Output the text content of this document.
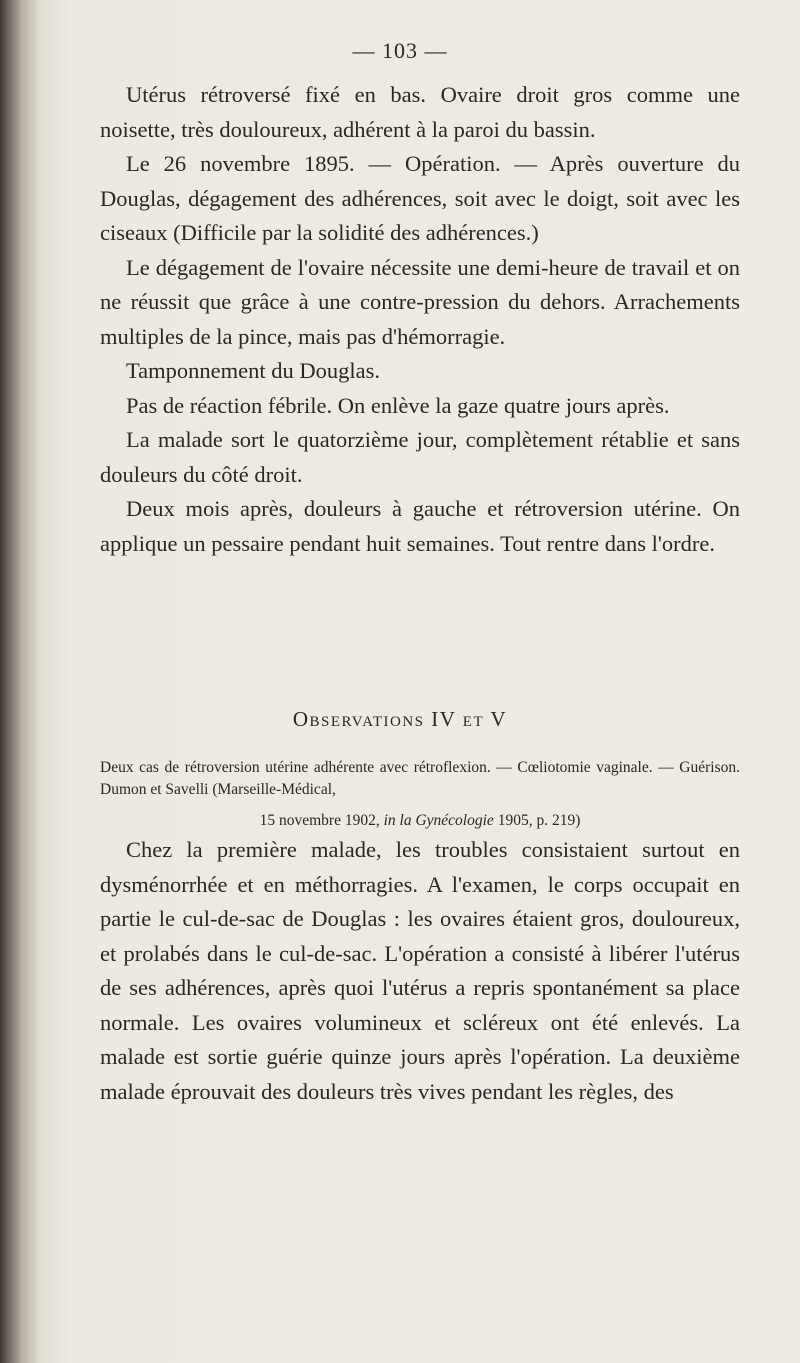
— 103 —

Utérus rétroversé fixé en bas. Ovaire droit gros comme une noisette, très douloureux, adhérent à la paroi du bassin.

Le 26 novembre 1895. — Opération. — Après ouverture du Douglas, dégagement des adhérences, soit avec le doigt, soit avec les ciseaux (Difficile par la solidité des adhérences.)

Le dégagement de l'ovaire nécessite une demi-heure de travail et on ne réussit que grâce à une contre-pression du dehors. Arrachements multiples de la pince, mais pas d'hémorragie.

Tamponnement du Douglas.

Pas de réaction fébrile. On enlève la gaze quatre jours après.

La malade sort le quatorzième jour, complètement rétablie et sans douleurs du côté droit.

Deux mois après, douleurs à gauche et rétroversion utérine. On applique un pessaire pendant huit semaines. Tout rentre dans l'ordre.

Observations IV et V

Deux cas de rétroversion utérine adhérente avec rétroflexion. — Cœliotomie vaginale. — Guérison. Dumon et Savelli (Marseille-Médical,

15 novembre 1902, in la Gynécologie 1905, p. 219)

Chez la première malade, les troubles consistaient surtout en dysménorrhée et en méthorragies. A l'examen, le corps occupait en partie le cul-de-sac de Douglas : les ovaires étaient gros, douloureux, et prolabés dans le cul-de-sac. L'opération a consisté à libérer l'utérus de ses adhérences, après quoi l'utérus a repris spontanément sa place normale. Les ovaires volumineux et scléreux ont été enlevés. La malade est sortie guérie quinze jours après l'opération. La deuxième malade éprouvait des douleurs très vives pendant les règles, des
